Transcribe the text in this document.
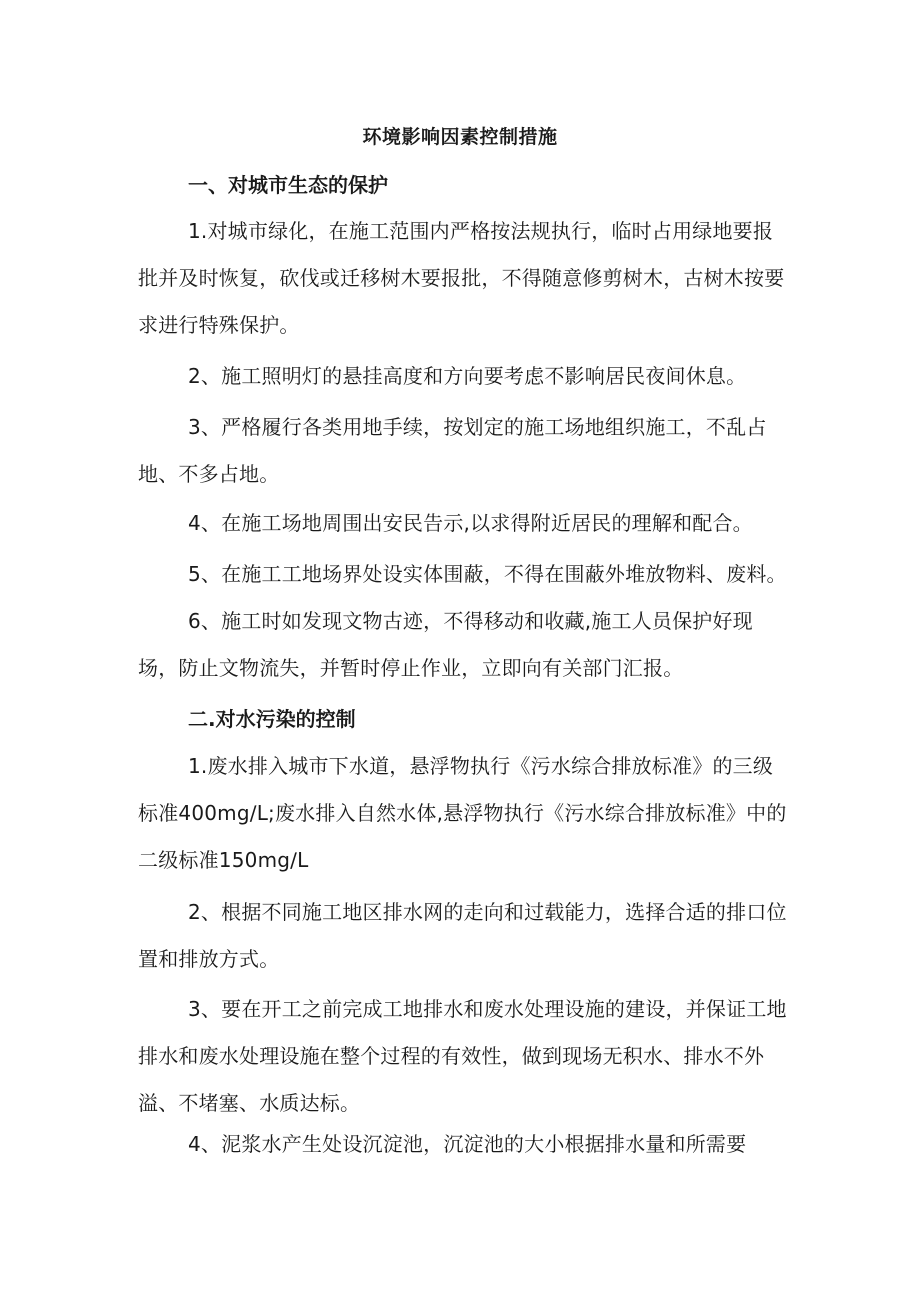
环境影响因素控制措施
一、对城市生态的保护
1.对城市绿化，在施工范围内严格按法规执行，临时占用绿地要报批并及时恢复，砍伐或迁移树木要报批，不得随意修剪树木，古树木按要求进行特殊保护。
2、施工照明灯的悬挂高度和方向要考虑不影响居民夜间休息。
3、严格履行各类用地手续，按划定的施工场地组织施工，不乱占地、不多占地。
4、在施工场地周围出安民告示,以求得附近居民的理解和配合。
5、在施工工地场界处设实体围蔽，不得在围蔽外堆放物料、废料。
6、施工时如发现文物古迹，不得移动和收藏,施工人员保护好现场，防止文物流失，并暂时停止作业，立即向有关部门汇报。
二.对水污染的控制
1.废水排入城市下水道，悬浮物执行《污水综合排放标准》的三级标准400mg∕L;废水排入自然水体,悬浮物执行《污水综合排放标准》中的二级标准150mg∕L
2、根据不同施工地区排水网的走向和过载能力，选择合适的排口位置和排放方式。
3、要在开工之前完成工地排水和废水处理设施的建设，并保证工地排水和废水处理设施在整个过程的有效性，做到现场无积水、排水不外溢、不堵塞、水质达标。
4、泥浆水产生处设沉淀池，沉淀池的大小根据排水量和所需要
